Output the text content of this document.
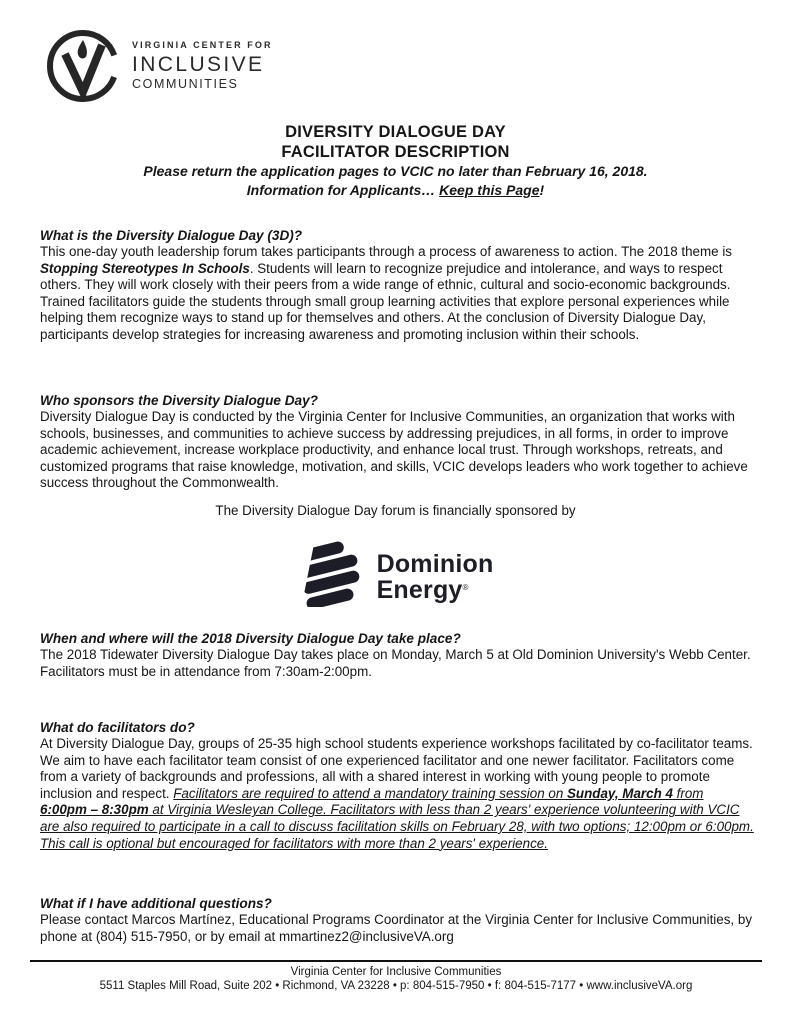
VIRGINIA CENTER FOR
INCLUSIVE
COMMUNITIES
DIVERSITY DIALOGUE DAY
FACILITATOR DESCRIPTION
Please return the application pages to VCIC no later than February 16, 2018.
Information for Applicants… Keep this Page!
What is the Diversity Dialogue Day (3D)?
This one-day youth leadership forum takes participants through a process of awareness to action. The 2018 theme is Stopping Stereotypes In Schools. Students will learn to recognize prejudice and intolerance, and ways to respect others. They will work closely with their peers from a wide range of ethnic, cultural and socio-economic backgrounds. Trained facilitators guide the students through small group learning activities that explore personal experiences while helping them recognize ways to stand up for themselves and others. At the conclusion of Diversity Dialogue Day, participants develop strategies for increasing awareness and promoting inclusion within their schools.
Who sponsors the Diversity Dialogue Day?
Diversity Dialogue Day is conducted by the Virginia Center for Inclusive Communities, an organization that works with schools, businesses, and communities to achieve success by addressing prejudices, in all forms, in order to improve academic achievement, increase workplace productivity, and enhance local trust. Through workshops, retreats, and customized programs that raise knowledge, motivation, and skills, VCIC develops leaders who work together to achieve success throughout the Commonwealth.
The Diversity Dialogue Day forum is financially sponsored by
Dominion
Energy®
When and where will the 2018 Diversity Dialogue Day take place?
The 2018 Tidewater Diversity Dialogue Day takes place on Monday, March 5 at Old Dominion University's Webb Center. Facilitators must be in attendance from 7:30am-2:00pm.
What do facilitators do?
At Diversity Dialogue Day, groups of 25-35 high school students experience workshops facilitated by co-facilitator teams. We aim to have each facilitator team consist of one experienced facilitator and one newer facilitator. Facilitators come from a variety of backgrounds and professions, all with a shared interest in working with young people to promote inclusion and respect. Facilitators are required to attend a mandatory training session on Sunday, March 4 from 6:00pm – 8:30pm at Virginia Wesleyan College. Facilitators with less than 2 years' experience volunteering with VCIC are also required to participate in a call to discuss facilitation skills on February 28, with two options; 12:00pm or 6:00pm. This call is optional but encouraged for facilitators with more than 2 years' experience.
What if I have additional questions?
Please contact Marcos Martínez, Educational Programs Coordinator at the Virginia Center for Inclusive Communities, by phone at (804) 515-7950, or by email at mmartinez2@inclusiveVA.org
Virginia Center for Inclusive Communities
5511 Staples Mill Road, Suite 202 • Richmond, VA 23228 • p: 804-515-7950 • f: 804-515-7177 • www.inclusiveVA.org
